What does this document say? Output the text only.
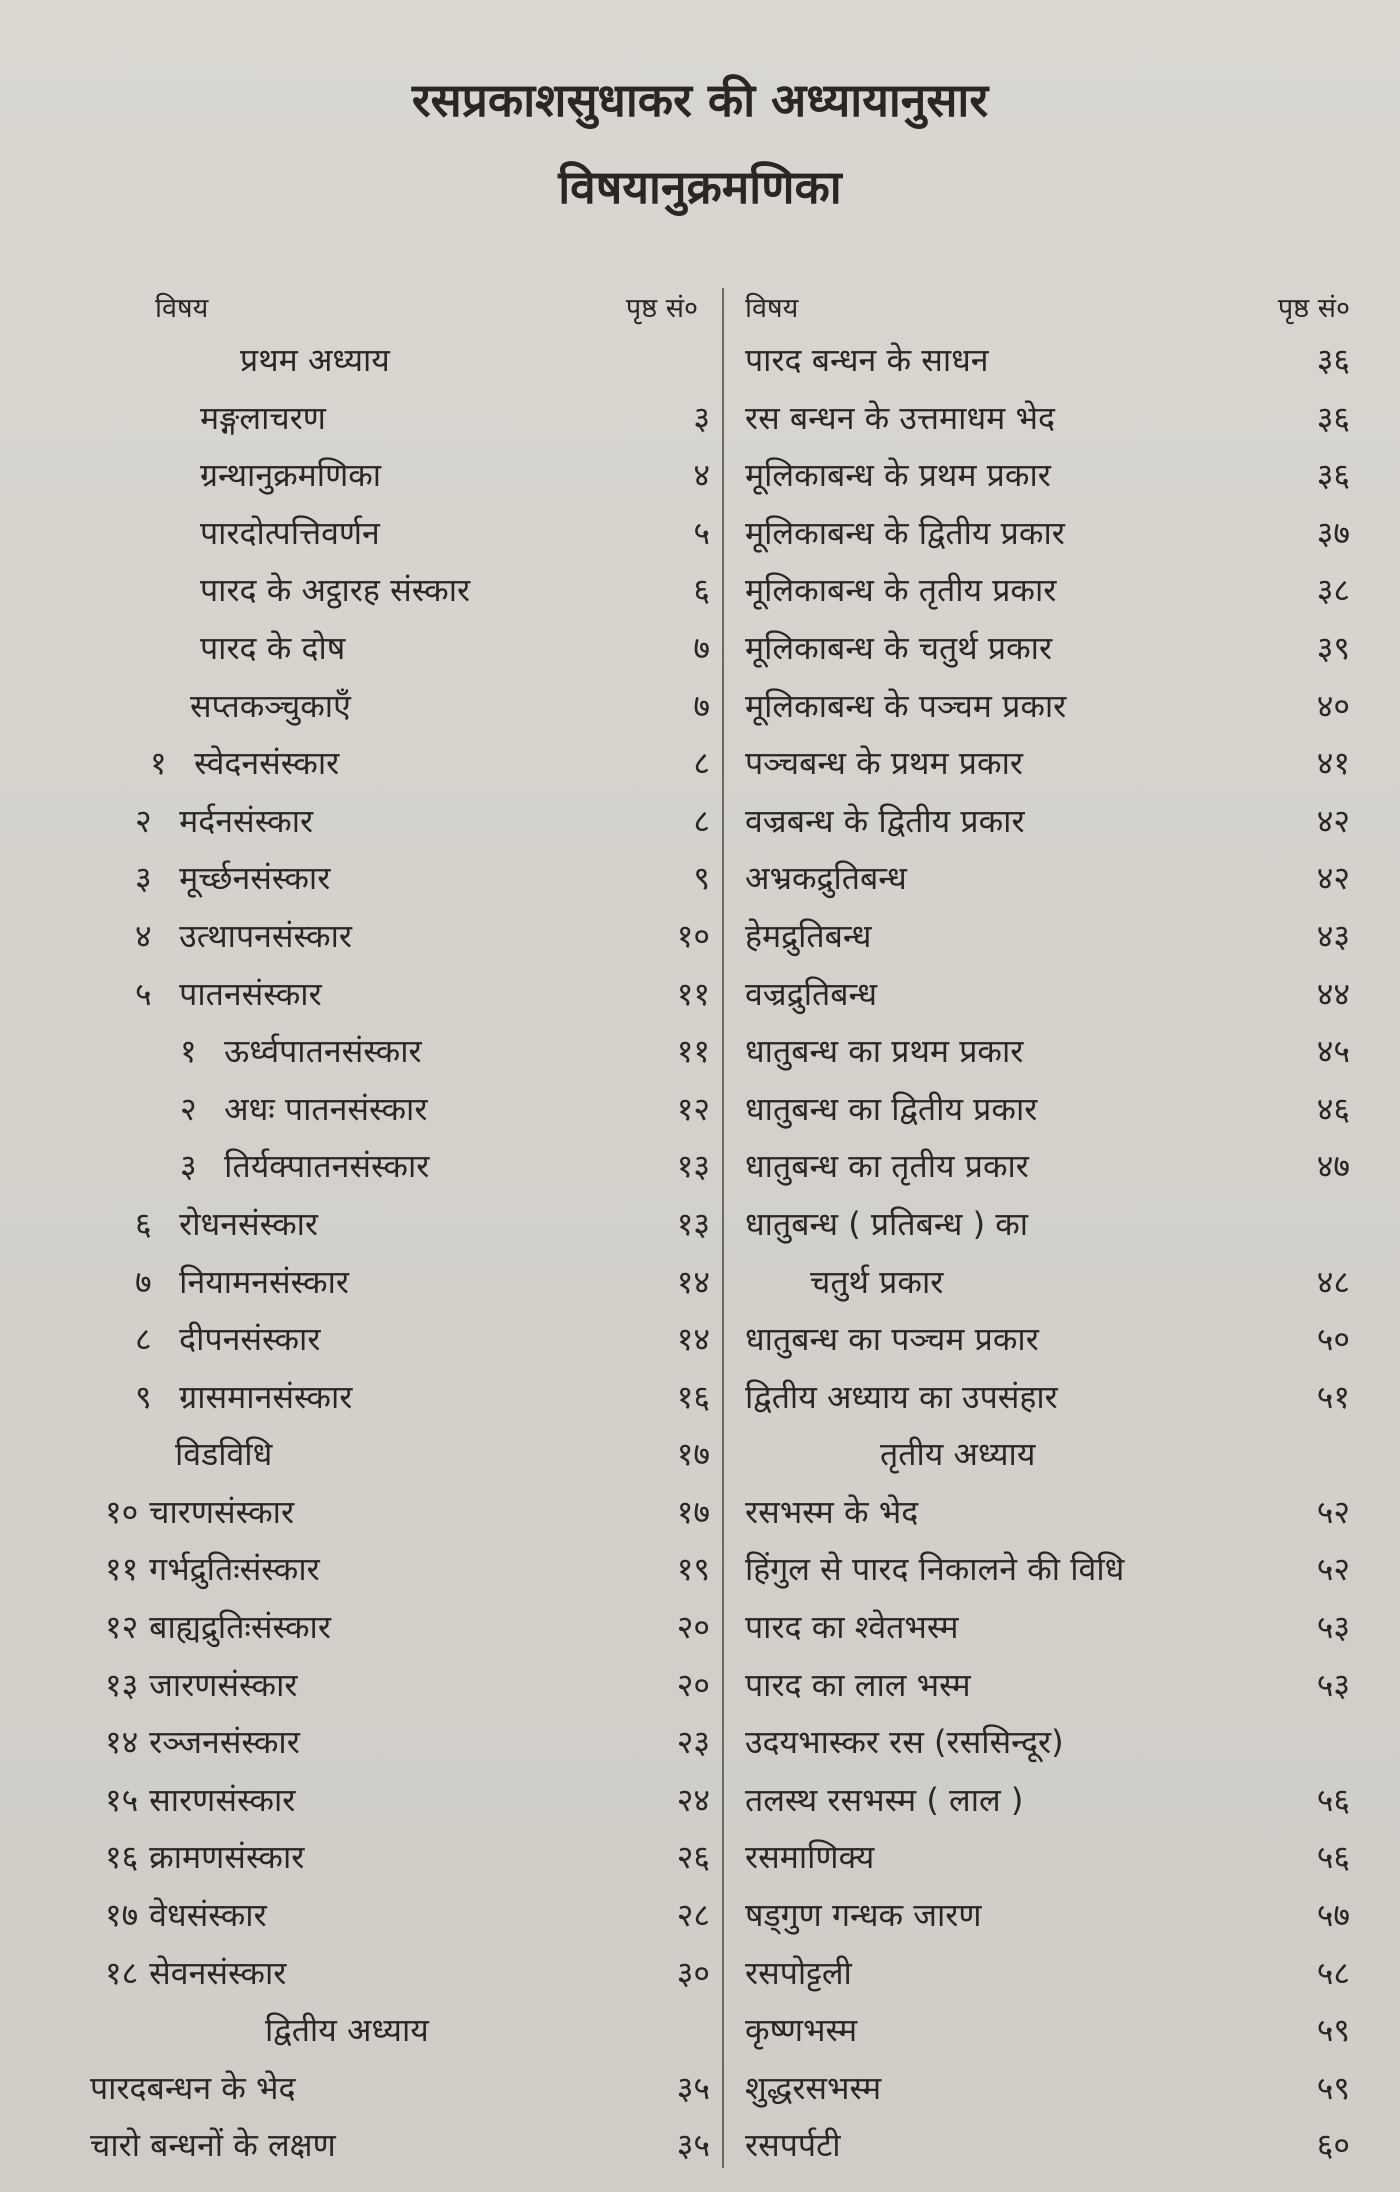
रसप्रकाशसुधाकर की अध्यायानुसार
विषयानुक्रमणिका
विषय	पृष्ठ सं०
प्रथम अध्याय
मङ्गलाचरण	३
ग्रन्थानुक्रमणिका	४
पारदोत्पत्तिवर्णन	५
पारद के अट्ठारह संस्कार	६
पारद के दोष	७
सप्तकञ्चुकाएँ	७
१ स्वेदनसंस्कार	८
२ मर्दनसंस्कार	८
३ मूर्च्छनसंस्कार	९
४ उत्थापनसंस्कार	१०
५ पातनसंस्कार	११
१ ऊर्ध्वपातनसंस्कार	११
२ अधः पातनसंस्कार	१२
३ तिर्यक्पातनसंस्कार	१३
६ रोधनसंस्कार	१३
७ नियामनसंस्कार	१४
८ दीपनसंस्कार	१४
९ ग्रासमानसंस्कार	१६
विडविधि	१७
१० चारणसंस्कार	१७
११ गर्भद्रुतिःसंस्कार	१९
१२ बाह्यद्रुतिःसंस्कार	२०
१३ जारणसंस्कार	२०
१४ रञ्जनसंस्कार	२३
१५ सारणसंस्कार	२४
१६ क्रामणसंस्कार	२६
१७ वेधसंस्कार	२८
१८ सेवनसंस्कार	३०
द्वितीय अध्याय
पारदबन्धन के भेद	३५
चारो बन्धनों के लक्षण	३५
विषय	पृष्ठ सं०
पारद बन्धन के साधन	३६
रस बन्धन के उत्तमाधम भेद	३६
मूलिकाबन्ध के प्रथम प्रकार	३६
मूलिकाबन्ध के द्वितीय प्रकार	३७
मूलिकाबन्ध के तृतीय प्रकार	३८
मूलिकाबन्ध के चतुर्थ प्रकार	३९
मूलिकाबन्ध के पञ्चम प्रकार	४०
पञ्चबन्ध के प्रथम प्रकार	४१
वज्रबन्ध के द्वितीय प्रकार	४२
अभ्रकद्रुतिबन्ध	४२
हेमद्रुतिबन्ध	४३
वज्रद्रुतिबन्ध	४४
धातुबन्ध का प्रथम प्रकार	४५
धातुबन्ध का द्वितीय प्रकार	४६
धातुबन्ध का तृतीय प्रकार	४७
धातुबन्ध ( प्रतिबन्ध ) का
चतुर्थ प्रकार	४८
धातुबन्ध का पञ्चम प्रकार	५०
द्वितीय अध्याय का उपसंहार	५१
तृतीय अध्याय
रसभस्म के भेद	५२
हिंगुल से पारद निकालने की विधि	५२
पारद का श्वेतभस्म	५३
पारद का लाल भस्म	५३
उदयभास्कर रस (रससिन्दूर)
तलस्थ रसभस्म ( लाल )	५६
रसमाणिक्य	५६
षड्गुण गन्धक जारण	५७
रसपोट्टली	५८
कृष्णभस्म	५९
शुद्धरसभस्म	५९
रसपर्पटी	६०
